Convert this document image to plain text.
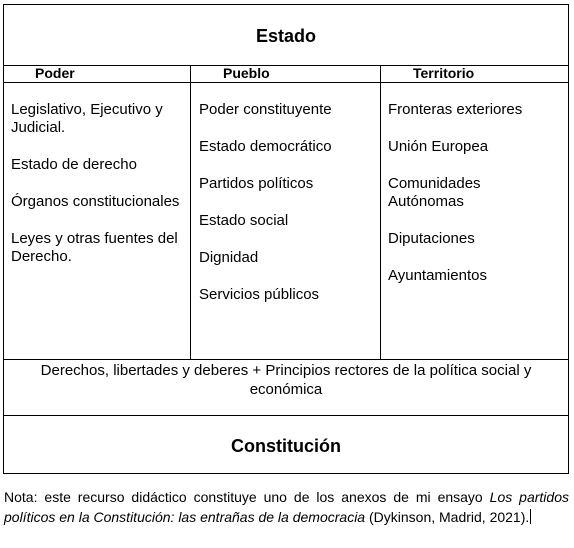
Estado
Poder	Pueblo	Territorio
Legislativo, Ejecutivo y Judicial.
Estado de derecho
Órganos constitucionales
Leyes y otras fuentes del Derecho.
Poder constituyente
Estado democrático
Partidos políticos
Estado social
Dignidad
Servicios públicos
Fronteras exteriores
Unión Europea
Comunidades Autónomas
Diputaciones
Ayuntamientos
Derechos, libertades y deberes + Principios rectores de la política social y económica
Constitución
Nota: este recurso didáctico constituye uno de los anexos de mi ensayo Los partidos políticos en la Constitución: las entrañas de la democracia (Dykinson, Madrid, 2021).
